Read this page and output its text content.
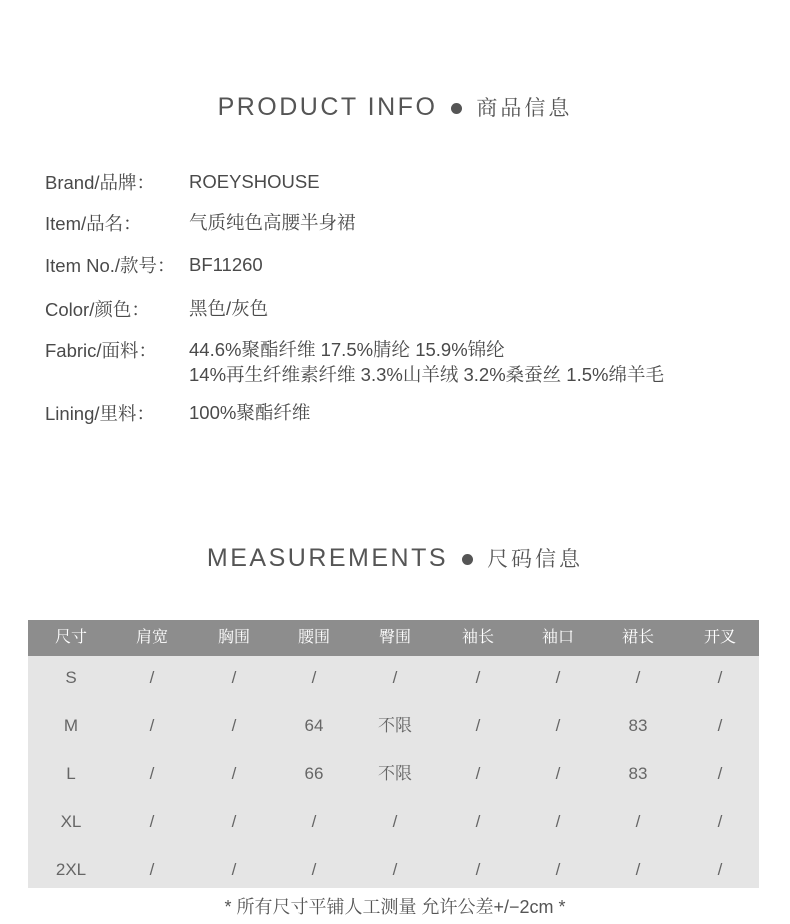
PRODUCT INFO 商品信息
Brand/品牌： ROEYSHOUSE
Item/品名：	气质纯色高腰半身裙
Item No./款号： BF11260
Color/颜色： 黑色/灰色
Fabric/面料： 44.6%聚酯纤维 17.5%腈纶 15.9%锦纶
14%再生纤维素纤维 3.3%山羊绒 3.2%桑蚕丝 1.5%绵羊毛
Lining/里料： 100%聚酯纤维
MEASUREMENTS 尺码信息
尺寸	肩宽	胸围	腰围	臀围	袖长	袖口	裙长	开叉
S	/	/	/	/	/	/	/	/
M	/	/	64	不限	/	/	83	/
L	/	/	66	不限	/	/	83	/
XL	/	/	/	/	/	/	/	/
2XL	/	/	/	/	/	/	/	/
* 所有尺寸平铺人工测量 允许公差+/−2cm *
